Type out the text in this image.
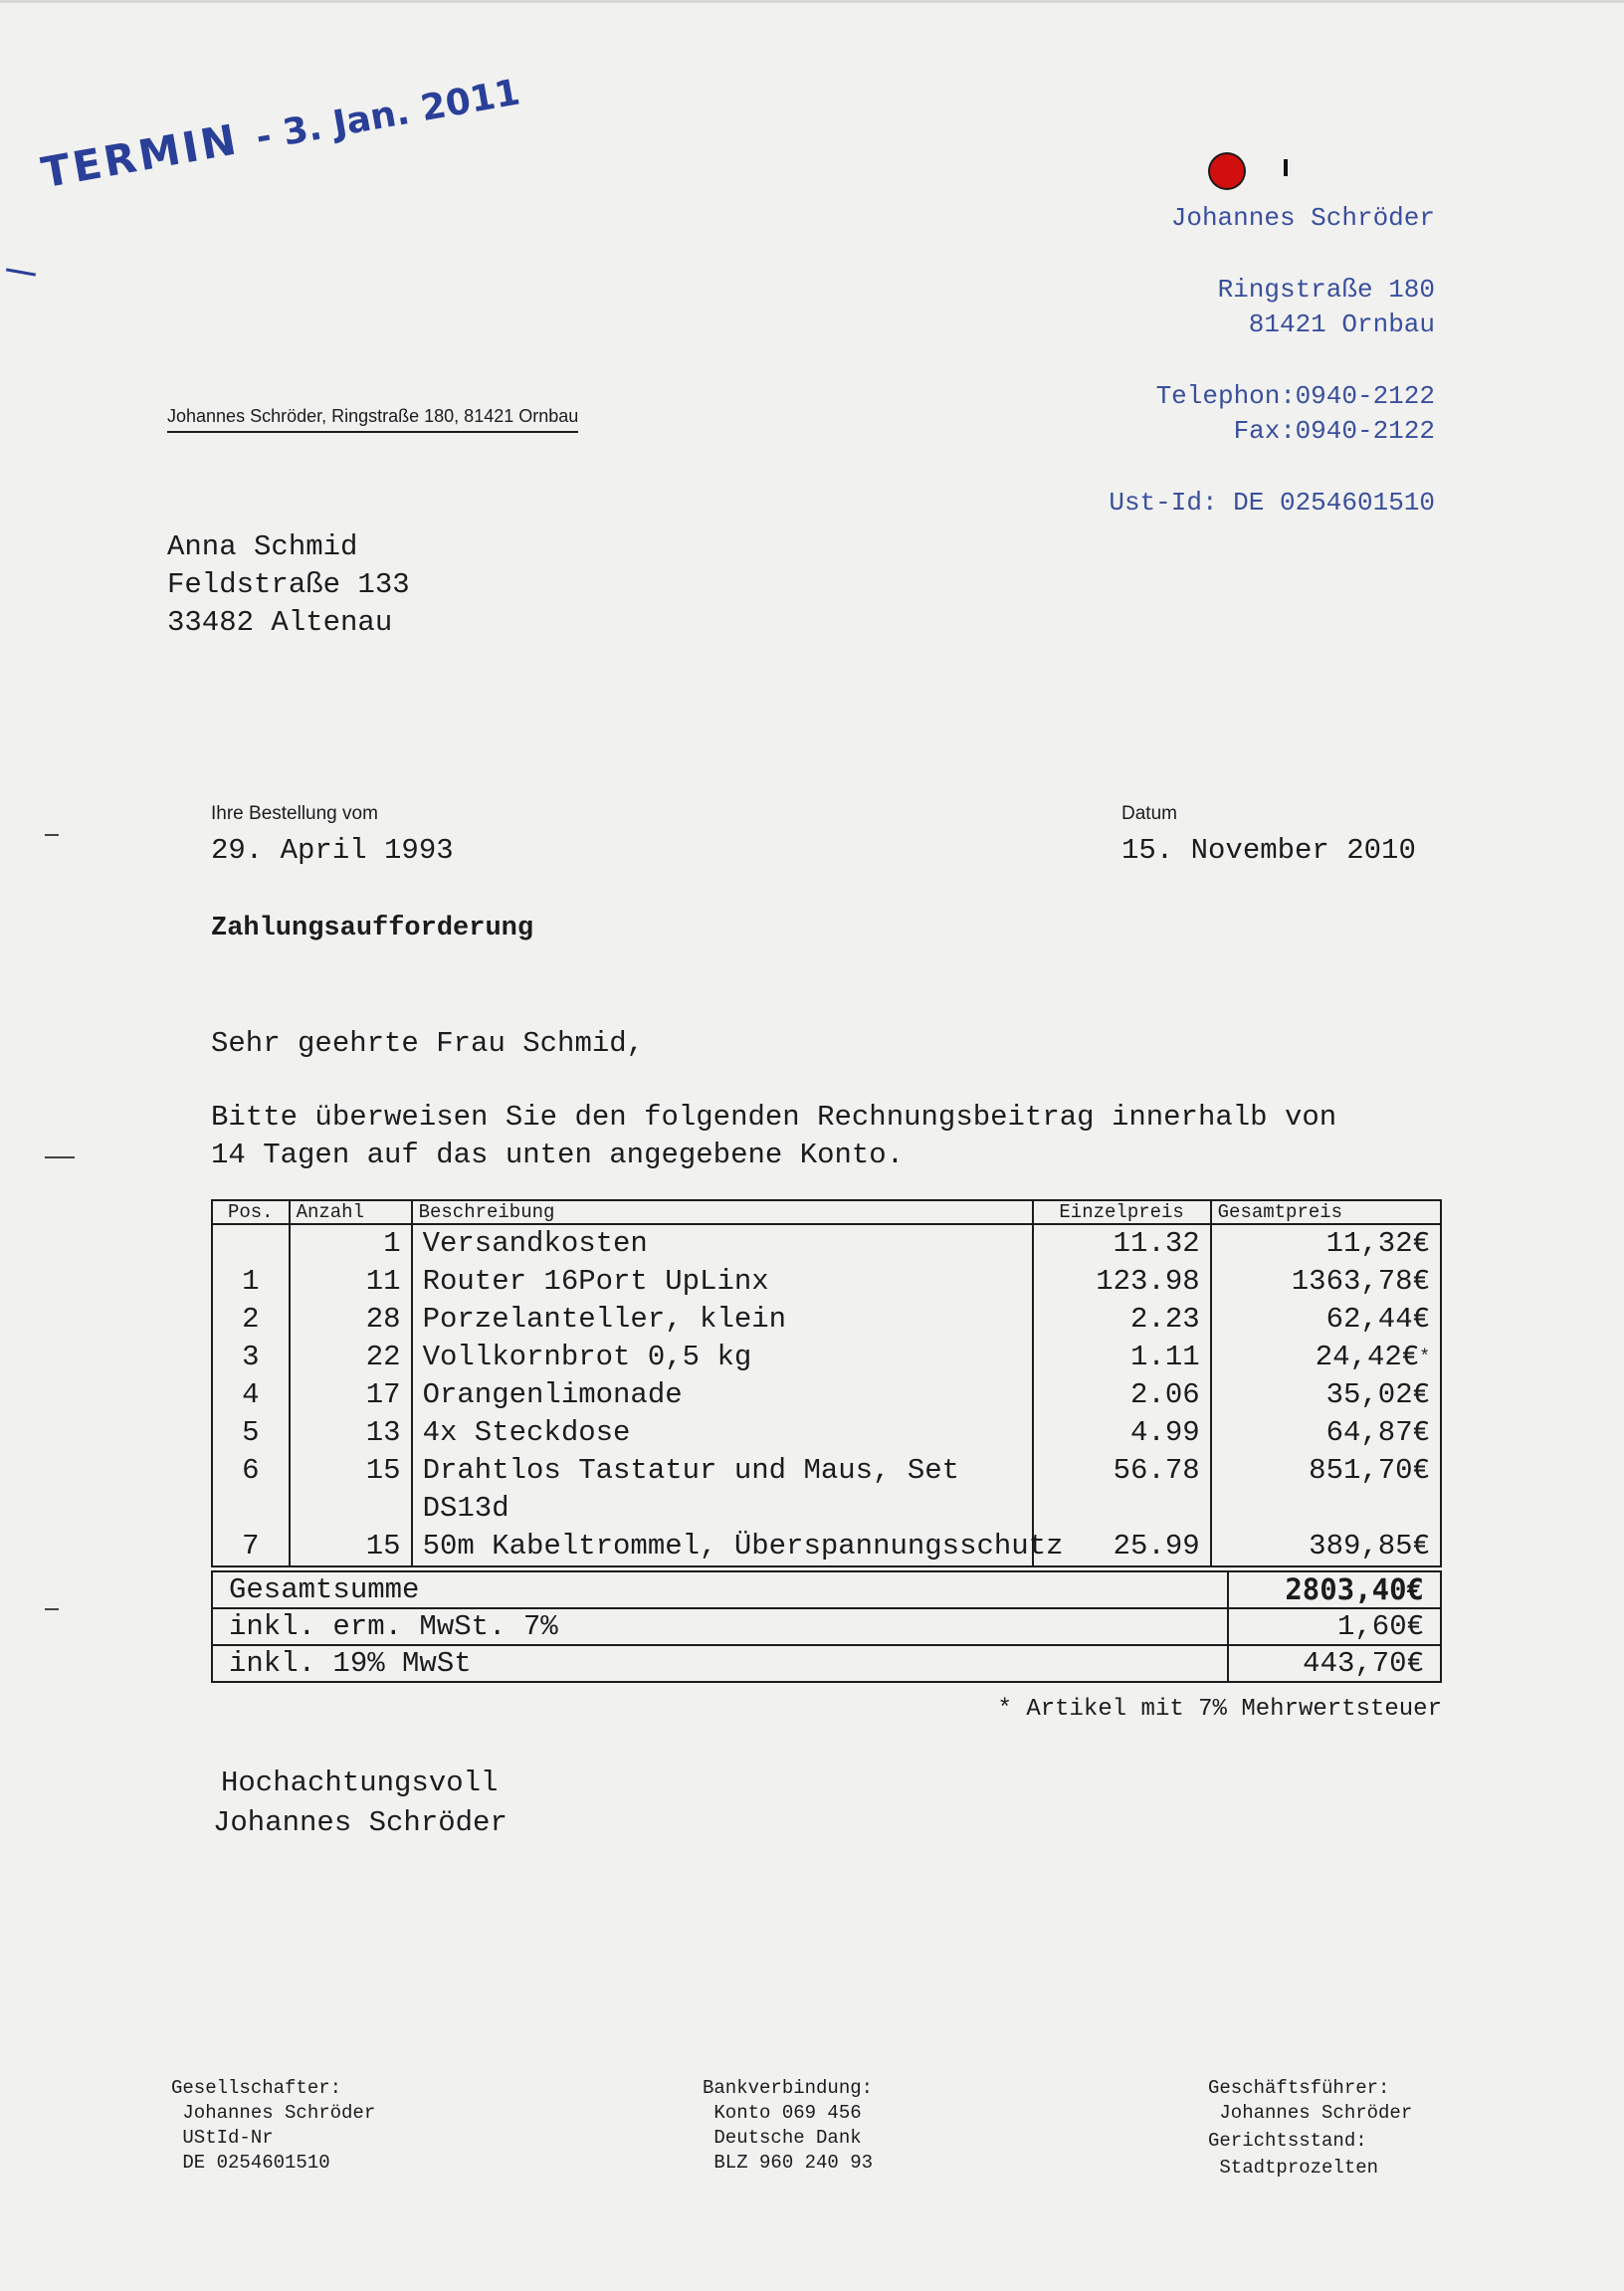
TERMIN - 3. Jan. 2011
Johannes Schröder
Ringstraße 180
81421 Ornbau
Telephon: 0940-2122
Fax: 0940-2122
Ust-Id: DE 0254601510
Johannes Schröder, Ringstraße 180, 81421 Ornbau
Anna Schmid
Feldstraße 133
33482 Altenau
Ihre Bestellung vom
29. April 1993
Datum
15. November 2010
Zahlungsaufforderung
Sehr geehrte Frau Schmid,
Bitte überweisen Sie den folgenden Rechnungsbeitrag innerhalb von
14 Tagen auf das unten angegebene Konto.
Pos.	Anzahl	Beschreibung	Einzelpreis	Gesamtpreis
	1	Versandkosten	11.32	11,32€
1	11	Router 16Port UpLinx	123.98	1363,78€
2	28	Porzelanteller, klein	2.23	62,44€
3	22	Vollkornbrot 0,5 kg	1.11	24,42€*
4	17	Orangenlimonade	2.06	35,02€
5	13	4x Steckdose	4.99	64,87€
6	15	Drahtlos Tastatur und Maus, Set	56.78	851,70€
		DS13d		
7	15	50m Kabeltrommel, Überspannungsschutz	25.99	389,85€
Gesamtsumme	2803,40€
inkl. erm. MwSt. 7%	1,60€
inkl. 19% MwSt	443,70€
* Artikel mit 7% Mehrwertsteuer
Hochachtungsvoll
Johannes Schröder
Gesellschafter:
Johannes Schröder
UStId-Nr
DE 0254601510
Bankverbindung:
Konto 069 456
Deutsche Dank
BLZ 960 240 93
Geschäftsführer:
Johannes Schröder
Gerichtsstand:
Stadtprozelten
